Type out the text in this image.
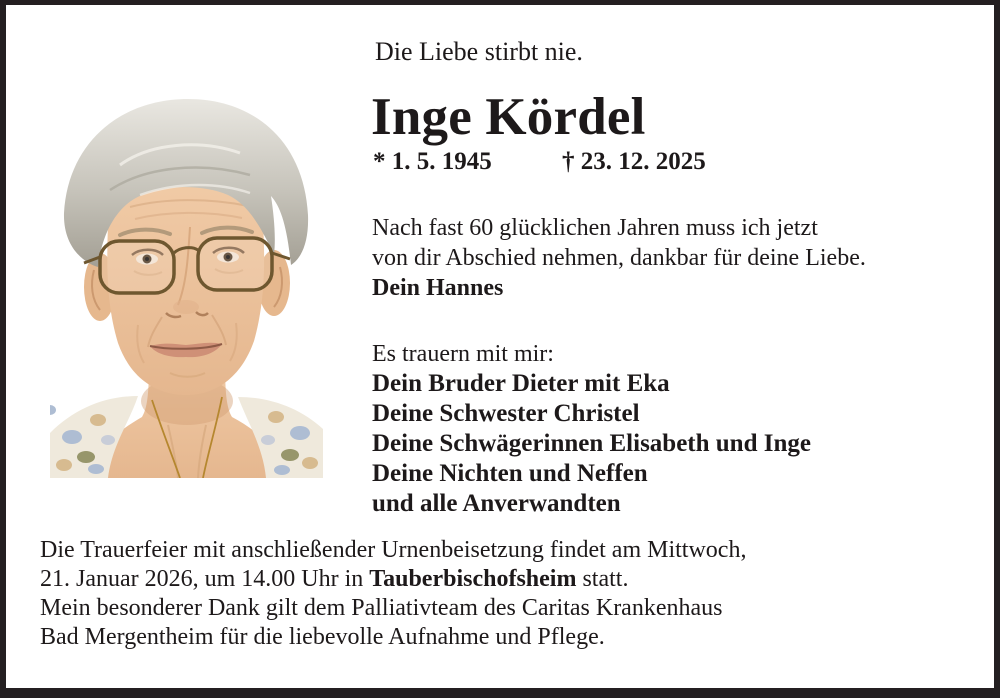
Die Liebe stirbt nie.
Inge Kördel
* 1. 5. 1945	† 23. 12. 2025
Nach fast 60 glücklichen Jahren muss ich jetzt
von dir Abschied nehmen, dankbar für deine Liebe.
Dein Hannes
Es trauern mit mir:
Dein Bruder Dieter mit Eka
Deine Schwester Christel
Deine Schwägerinnen Elisabeth und Inge
Deine Nichten und Neffen
und alle Anverwandten
Die Trauerfeier mit anschließender Urnenbeisetzung findet am Mittwoch,
21. Januar 2026, um 14.00 Uhr in Tauberbischofsheim statt.
Mein besonderer Dank gilt dem Palliativteam des Caritas Krankenhaus
Bad Mergentheim für die liebevolle Aufnahme und Pflege.
